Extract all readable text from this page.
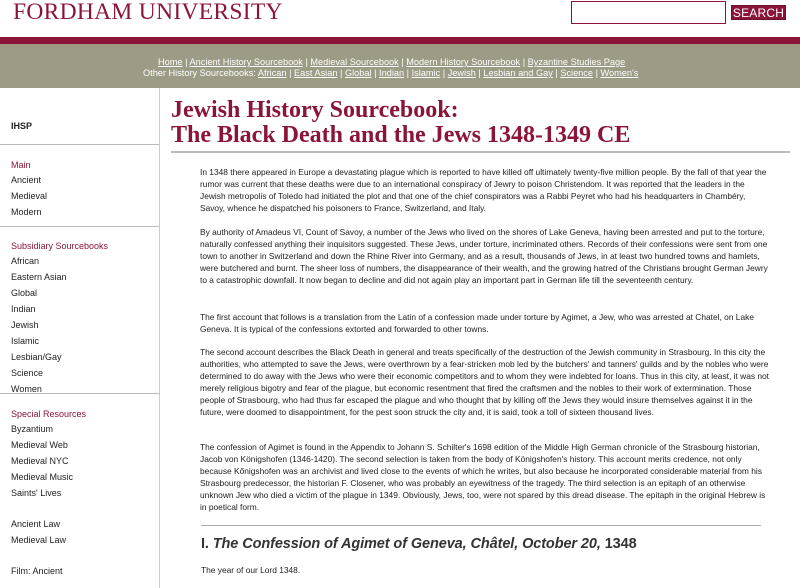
FORDHAM UNIVERSITY	SEARCH
Home | Ancient History Sourcebook | Medieval Sourcebook | Modern History Sourcebook | Byzantine Studies Page
Other History Sourcebooks: African | East Asian | Global | Indian | Islamic | Jewish | Lesbian and Gay | Science | Women's
IHSP
Main
Ancient
Medieval
Modern
Subsidiary Sourcebooks
African
Eastern Asian
Global
Indian
Jewish
Islamic
Lesbian/Gay
Science
Women
Special Resources
Byzantium
Medieval Web
Medieval NYC
Medieval Music
Saints' Lives
Ancient Law
Medieval Law
Film: Ancient
Jewish History Sourcebook:
The Black Death and the Jews 1348-1349 CE

In 1348 there appeared in Europe a devastating plague which is reported to have killed off ultimately twenty-five million people. By the fall of that year the rumor was current that these deaths were due to an international conspiracy of Jewry to poison Christendom. It was reported that the leaders in the Jewish metropolis of Toledo had initiated the plot and that one of the chief conspirators was a Rabbi Peyret who had his headquarters in Chambéry, Savoy, whence he dispatched his poisoners to France, Switzerland, and Italy.

By authority of Amadeus VI, Count of Savoy, a number of the Jews who lived on the shores of Lake Geneva, having been arrested and put to the torture, naturally confessed anything their inquisitors suggested. These Jews, under torture, incriminated others. Records of their confessions were sent from one town to another in Switzerland and down the Rhine River into Germany, and as a result, thousands of Jews, in at least two hundred towns and hamlets, were butchered and burnt. The sheer loss of numbers, the disappearance of their wealth, and the growing hatred of the Christians brought German Jewry to a catastrophic downfall. It now began to decline and did not again play an important part in German life till the seventeenth century.

The first account that follows is a translation from the Latin of a confession made under torture by Agimet, a Jew, who was arrested at Chatel, on Lake Geneva. It is typical of the confessions extorted and forwarded to other towns.

The second account describes the Black Death in general and treats specifically of the destruction of the Jewish community in Strasbourg. In this city the authorities, who attempted to save the Jews, were overthrown by a fear-stricken mob led by the butchers' and tanners' guilds and by the nobles who were determined to do away with the Jews who were their economic competitors and to whom they were indebted for loans. Thus in this city, at least, it was not merely religious bigotry and fear of the plague, but economic resentment that fired the craftsmen and the nobles to their work of extermination. Those people of Strasbourg, who had thus far escaped the plague and who thought that by killing off the Jews they would insure themselves against it in the future, were doomed to disappointment, for the pest soon struck the city and, it is said, took a toll of sixteen thousand lives.

The confession of Agimet is found in the Appendix to Johann S. Schilter's 1698 edition of the Middle High German chronicle of the Strasbourg historian, Jacob von Königshofen (1346-1420). The second selection is taken from the body of Königshofen's history. This account merits credence, not only because Kőnigshofen was an archivist and lived close to the events of which he writes, but also because he incorporated considerable material from his Strasbourg predecessor, the historian F. Closener, who was probably an eyewitness of the tragedy. The third selection is an epitaph of an otherwise unknown Jew who died a victim of the plague in 1349. Obviously, Jews, too, were not spared by this dread disease. The epitaph in the original Hebrew is in poetical form.

I. The Confession of Agimet of Geneva, Châtel, October 20, 1348

The year of our Lord 1348.
